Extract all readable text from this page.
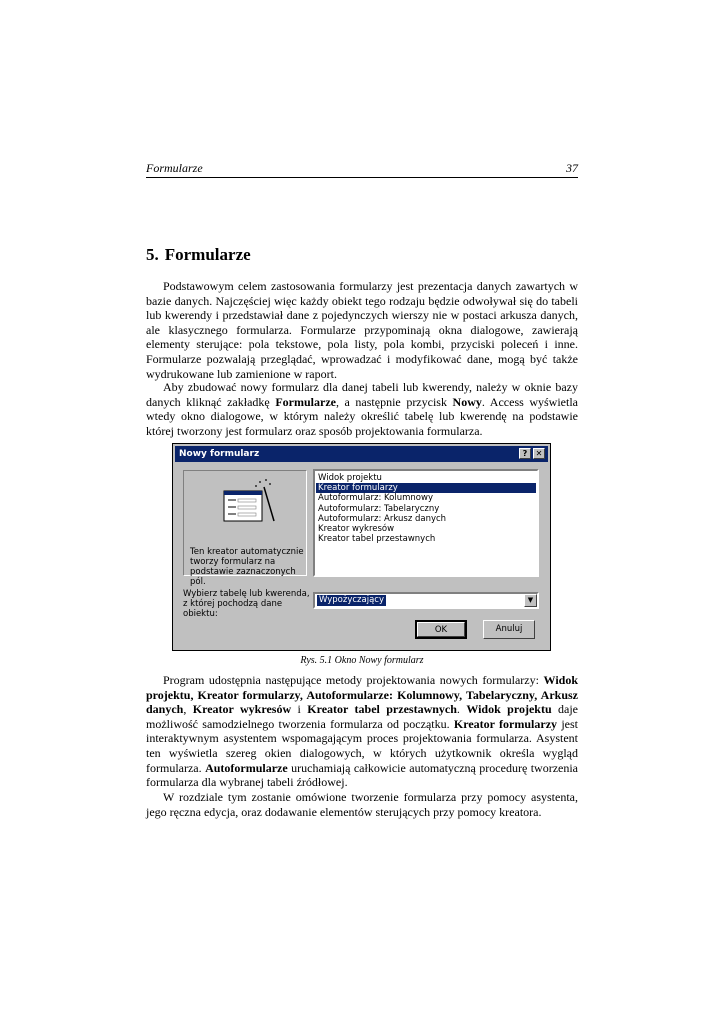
Formularze	37
5. Formularze

Podstawowym celem zastosowania formularzy jest prezentacja danych zawartych w bazie danych. Najczęściej więc każdy obiekt tego rodzaju będzie odwoływał się do tabeli lub kwerendy i przedstawiał dane z pojedynczych wierszy nie w postaci arkusza danych, ale klasycznego formularza. Formularze przypominają okna dialogowe, zawierają elementy sterujące: pola tekstowe, pola listy, pola kombi, przyciski poleceń i inne. Formularze pozwalają przeglądać, wprowadzać i modyfikować dane, mogą być także wydrukowane lub zamienione w raport.

Aby zbudować nowy formularz dla danej tabeli lub kwerendy, należy w oknie bazy danych kliknąć zakładkę Formularze, a następnie przycisk Nowy. Access wyświetla wtedy okno dialogowe, w którym należy określić tabelę lub kwerendę na podstawie której tworzony jest formularz oraz sposób projektowania formularza.

Nowy formularz	?	✕
Ten kreator automatycznie tworzy formularz na podstawie zaznaczonych pól.
Widok projektu
Kreator formularzy
Autoformularz: Kolumnowy
Autoformularz: Tabelaryczny
Autoformularz: Arkusz danych
Kreator wykresów
Kreator tabel przestawnych
Wybierz tabelę lub kwerenda, z której pochodzą dane obiektu:
Wypożyczający	▼
OK	Anuluj
Rys. 5.1 Okno Nowy formularz

Program udostępnia następujące metody projektowania nowych formularzy: Widok projektu, Kreator formularzy, Autoformularze: Kolumnowy, Tabelaryczny, Arkusz danych, Kreator wykresów i Kreator tabel przestawnych. Widok projektu daje możliwość samodzielnego tworzenia formularza od początku. Kreator formularzy jest interaktywnym asystentem wspomagającym proces projektowania formularza. Asystent ten wyświetla szereg okien dialogowych, w których użytkownik określa wygląd formularza. Autoformularze uruchamiają całkowicie automatyczną procedurę tworzenia formularza dla wybranej tabeli źródłowej.

W rozdziale tym zostanie omówione tworzenie formularza przy pomocy asystenta, jego ręczna edycja, oraz dodawanie elementów sterujących przy pomocy kreatora.
